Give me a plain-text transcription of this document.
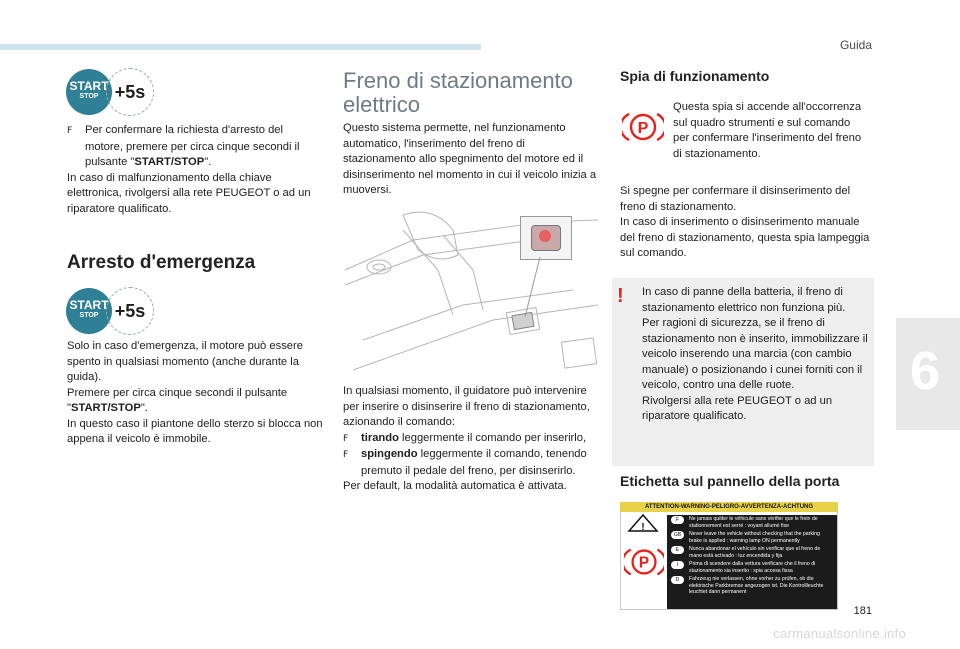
Guida
6
181
carmanualsonline.info
START
STOP +5s

FPer confermare la richiesta d'arresto del motore, premere per circa cinque secondi il pulsante "START/STOP".

In caso di malfunzionamento della chiave elettronica, rivolgersi alla rete PEUGEOT o ad un riparatore qualificato.

Arresto d'emergenza
START
STOP +5s

Solo in caso d'emergenza, il motore può essere spento in qualsiasi momento (anche durante la guida).

Premere per circa cinque secondi il pulsante "START/STOP".

In questo caso il piantone dello sterzo si blocca non appena il veicolo è immobile.

Freno di stazionamento
elettrico
Questo sistema permette, nel funzionamento automatico, l'inserimento del freno di stazionamento allo spegnimento del motore ed il disinserimento nel momento in cui il veicolo inizia a muoversi.

In qualsiasi momento, il guidatore può intervenire per inserire o disinserire il freno di stazionamento, azionando il comando:

Ftirando leggermente il comando per inserirlo,

Fspingendo leggermente il comando, tenendo premuto il pedale del freno, per disinserirlo.

Per default, la modalità automatica è attivata.

Spia di funzionamento
P
Questa spia si accende all'occorrenza sul quadro strumenti e sul comando per confermare l'inserimento del freno di stazionamento.

Si spegne per confermare il disinserimento del freno di stazionamento.

In caso di inserimento o disinserimento manuale del freno di stazionamento, questa spia lampeggia sul comando.

! In caso di panne della batteria, il freno di stazionamento elettrico non funziona più.

Per ragioni di sicurezza, se il freno di stazionamento non è inserito, immobilizzare il veicolo inserendo una marcia (con cambio manuale) o posizionando i cunei forniti con il veicolo, contro una delle ruote.

Rivolgersi alla rete PEUGEOT o ad un riparatore qualificato.

Etichetta sul pannello della porta
ATTENTION-WARNING-PELIGRO-AVVERTENZA-ACHTUNG
!
P
F	Ne jamais quitter le véhicule sans vérifier que le frein de stationnement est serré : voyant allumé fixe
GB	Never leave the vehicle without checking that the parking brake is applied : warning lamp ON permanently
E	Nunca abandonar el vehículo sin verificar que el freno de mano está activado : luz encendida y fija
I	Prima di scendere dalla vettura verificare che il freno di stazionamento sia inserito : spia accesa fissa
D	Fahrzeug nie verlassen, ohne vorher zu prüfen, ob die elektrische Parkbremse angezogen ist. Die Kontrollleuchte leuchtet dann permanent
